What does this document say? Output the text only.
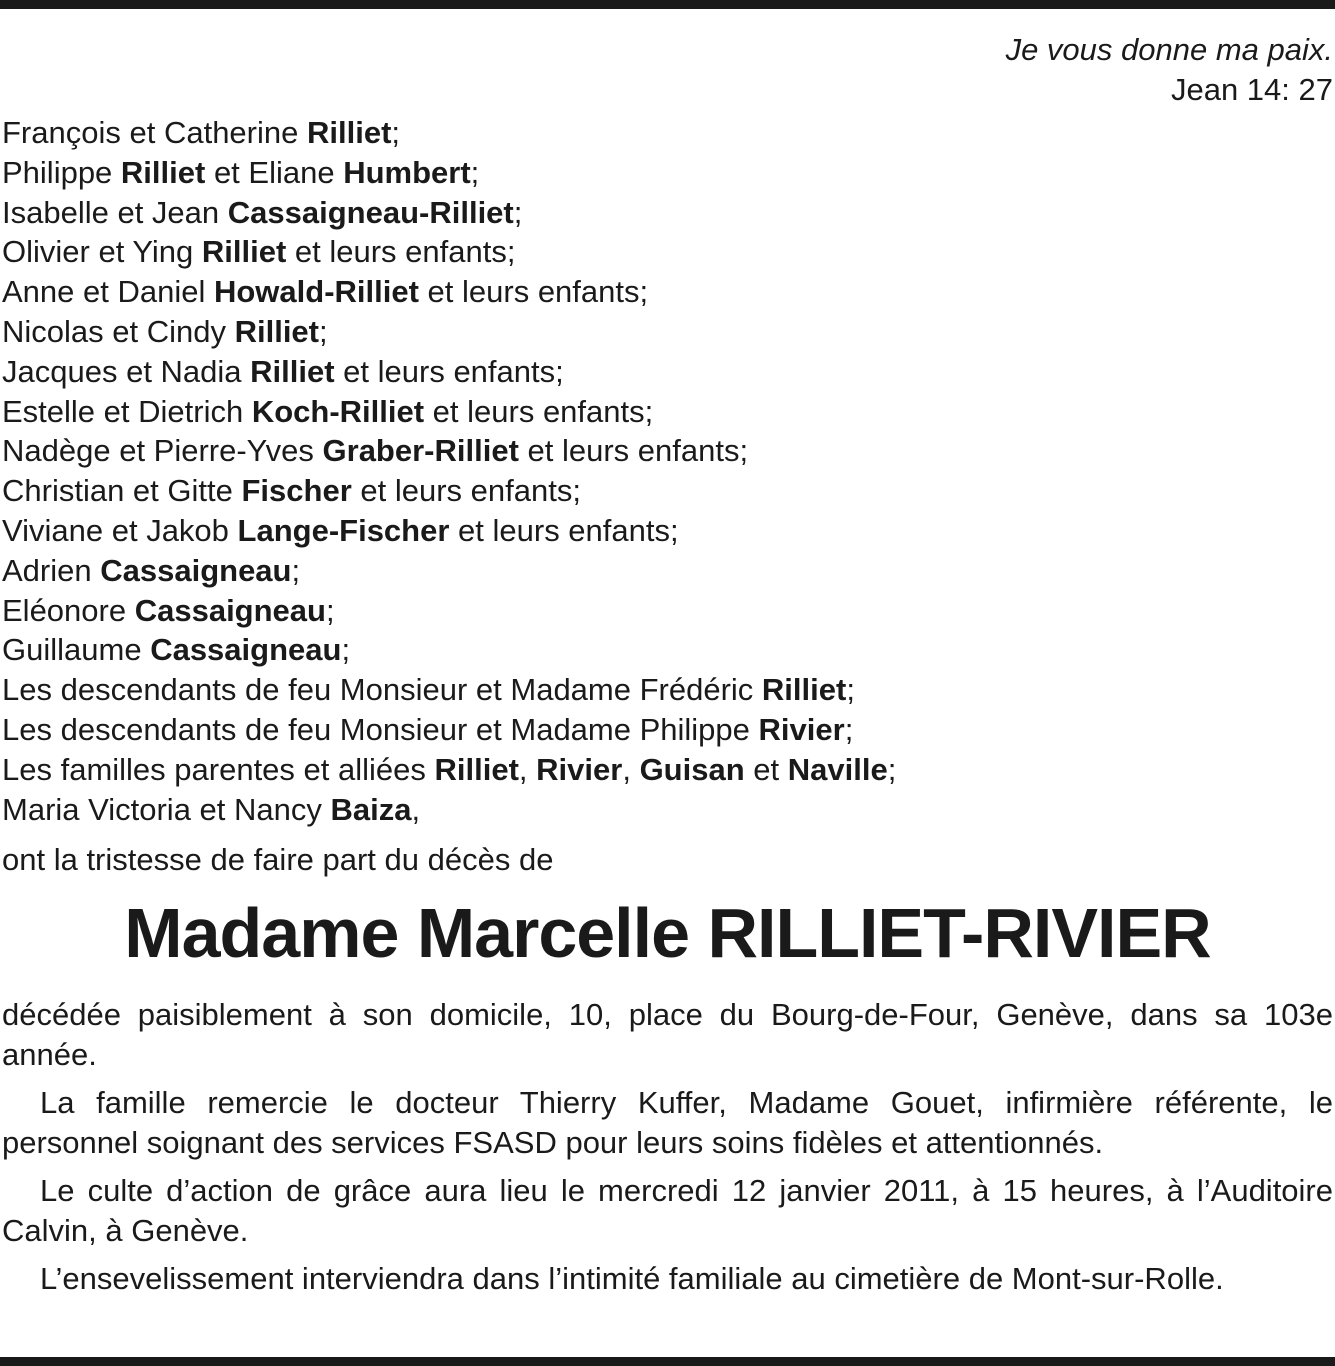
Je vous donne ma paix.
Jean 14: 27
François et Catherine Rilliet;
Philippe Rilliet et Eliane Humbert;
Isabelle et Jean Cassaigneau-Rilliet;
Olivier et Ying Rilliet et leurs enfants;
Anne et Daniel Howald-Rilliet et leurs enfants;
Nicolas et Cindy Rilliet;
Jacques et Nadia Rilliet et leurs enfants;
Estelle et Dietrich Koch-Rilliet et leurs enfants;
Nadège et Pierre-Yves Graber-Rilliet et leurs enfants;
Christian et Gitte Fischer et leurs enfants;
Viviane et Jakob Lange-Fischer et leurs enfants;
Adrien Cassaigneau;
Eléonore Cassaigneau;
Guillaume Cassaigneau;
Les descendants de feu Monsieur et Madame Frédéric Rilliet;
Les descendants de feu Monsieur et Madame Philippe Rivier;
Les familles parentes et alliées Rilliet, Rivier, Guisan et Naville;
Maria Victoria et Nancy Baiza,
ont la tristesse de faire part du décès de
Madame Marcelle RILLIET-RIVIER

décédée paisiblement à son domicile, 10, place du Bourg-de-Four, Genève, dans sa 103e année.

La famille remercie le docteur Thierry Kuffer, Madame Gouet, infirmière référente, le personnel soignant des services FSASD pour leurs soins fidèles et attentionnés.

Le culte d’action de grâce aura lieu le mercredi 12 janvier 2011, à 15 heures, à l’Auditoire Calvin, à Genève.

L’ensevelissement interviendra dans l’intimité familiale au cimetière de Mont-sur-Rolle.
